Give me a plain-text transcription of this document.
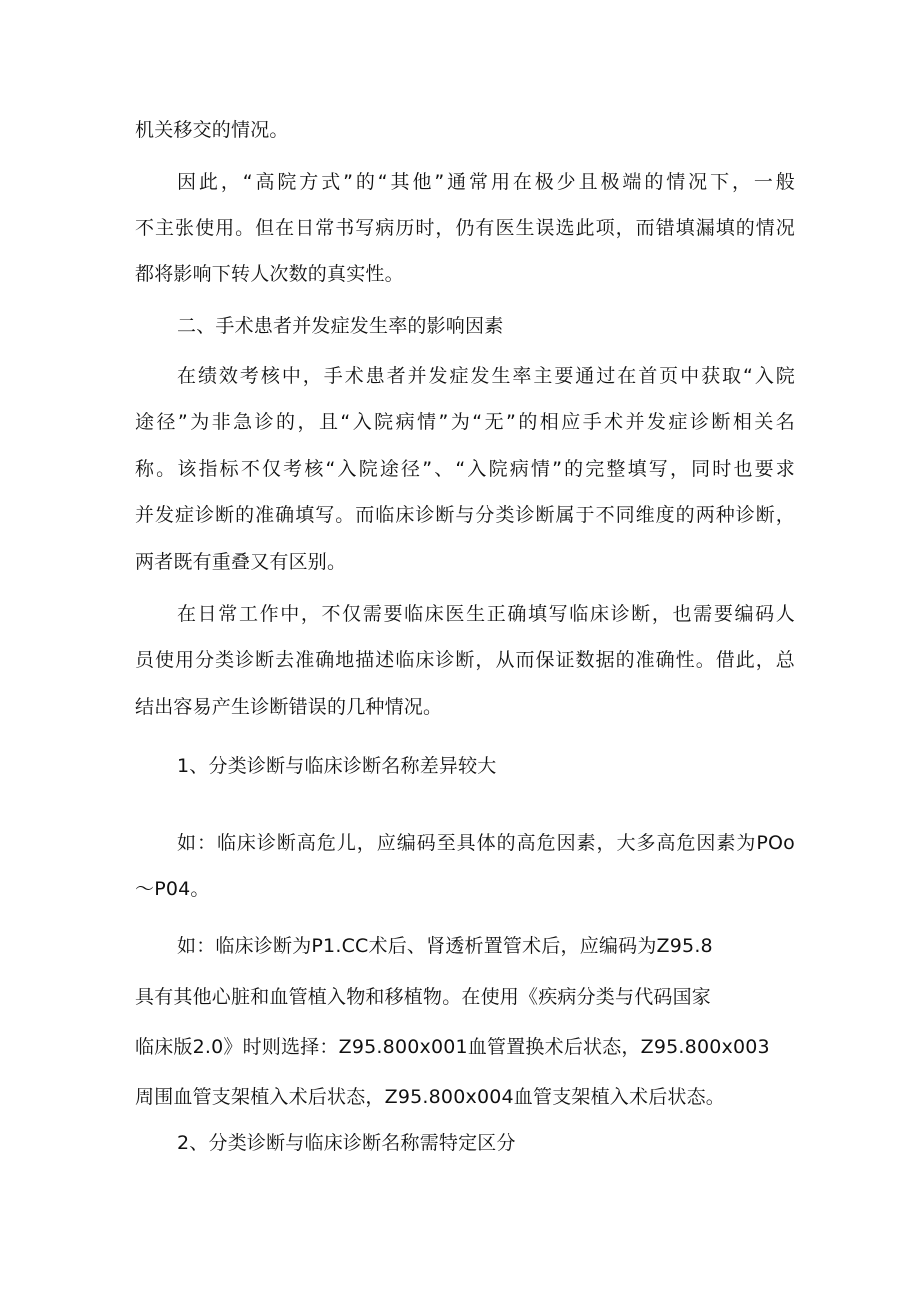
机关移交的情况。
因此，“高院方式”的“其他”通常用在极少且极端的情况下，一般
不主张使用。但在日常书写病历时，仍有医生误选此项，而错填漏填的情况
都将影响下转人次数的真实性。
二、手术患者并发症发生率的影响因素
在绩效考核中，手术患者并发症发生率主要通过在首页中获取“入院
途径”为非急诊的，且“入院病情”为“无”的相应手术并发症诊断相关名
称。该指标不仅考核“入院途径”、“入院病情”的完整填写，同时也要求
并发症诊断的准确填写。而临床诊断与分类诊断属于不同维度的两种诊断，
两者既有重叠又有区别。
在日常工作中，不仅需要临床医生正确填写临床诊断，也需要编码人
员使用分类诊断去准确地描述临床诊断，从而保证数据的准确性。借此，总
结出容易产生诊断错误的几种情况。
1、分类诊断与临床诊断名称差异较大
如：临床诊断高危儿，应编码至具体的高危因素，大多高危因素为POo
～P04。
如：临床诊断为P1.CC术后、肾透析置管术后，应编码为Z95.8
具有其他心脏和血管植入物和移植物。在使用《疾病分类与代码国家
临床版2.0》时则选择：Z95.800x001血管置换术后状态，Z95.800x003
周围血管支架植入术后状态，Z95.800x004血管支架植入术后状态。
2、分类诊断与临床诊断名称需特定区分
